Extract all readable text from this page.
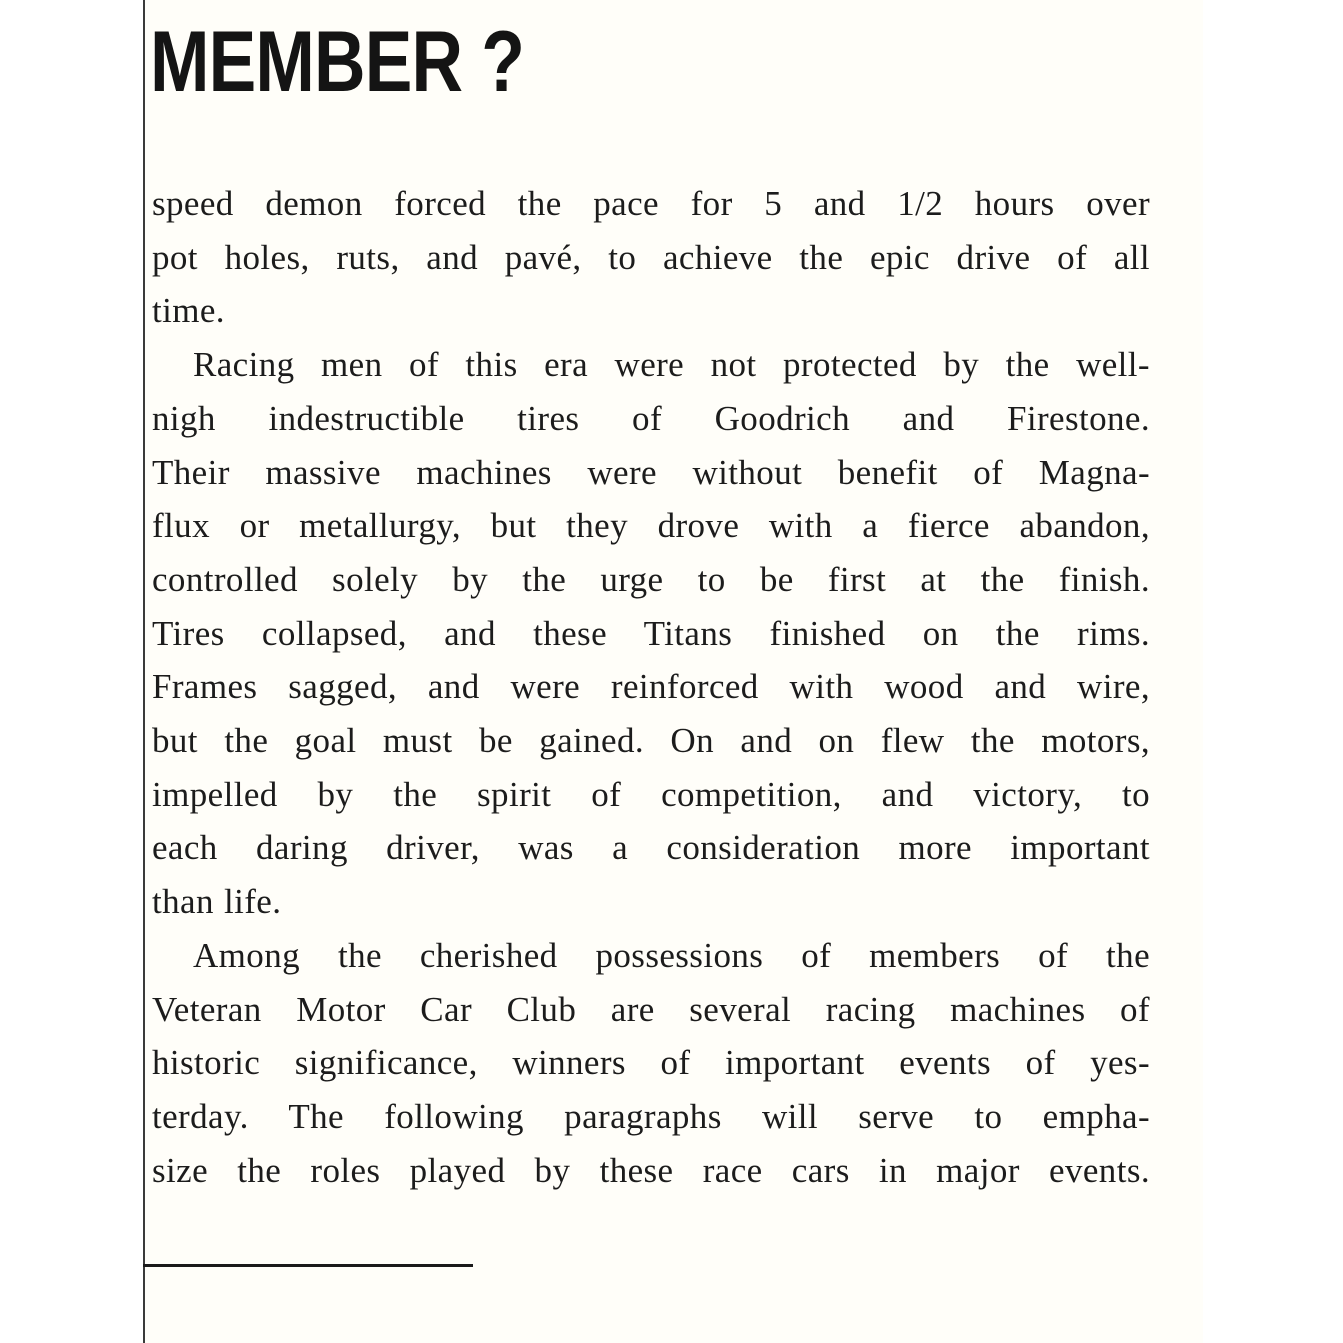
MEMBER ?

speed demon forced the pace for 5 and 1/2 hours over
pot holes, ruts, and pavé, to achieve the epic drive of all
time.

Racing men of this era were not protected by the well-
nigh indestructible tires of Goodrich and Firestone.
Their massive machines were without benefit of Magna-
flux or metallurgy, but they drove with a fierce abandon,
controlled solely by the urge to be first at the finish.
Tires collapsed, and these Titans finished on the rims.
Frames sagged, and were reinforced with wood and wire,
but the goal must be gained. On and on flew the motors,
impelled by the spirit of competition, and victory, to
each daring driver, was a consideration more important
than life.

Among the cherished possessions of members of the
Veteran Motor Car Club are several racing machines of
historic significance, winners of important events of yes-
terday. The following paragraphs will serve to empha-
size the roles played by these race cars in major events.
